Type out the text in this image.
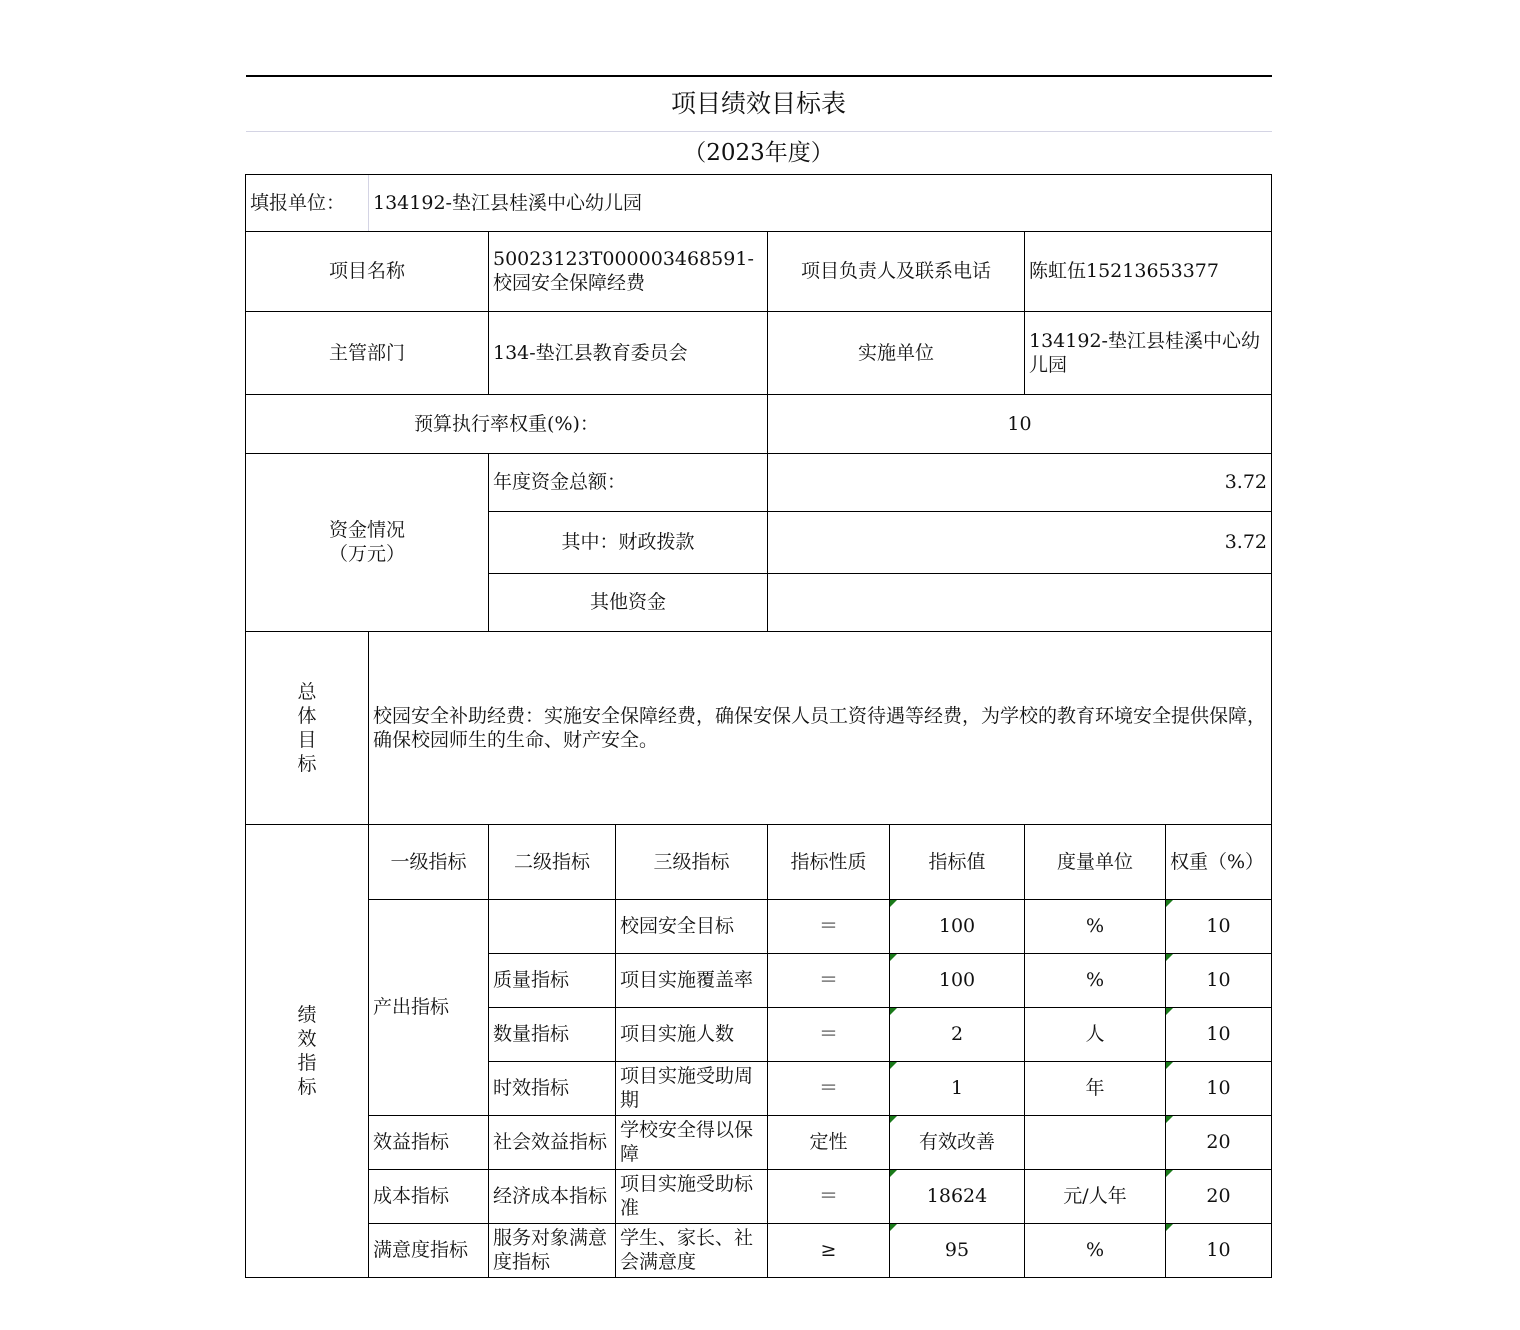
项目绩效目标表							
（2023年度）							
填报单位：	134192-垫江县桂溪中心幼儿园						
项目名称		50023123T000003468591-校园安全保障经费		项目负责人及联系电话		陈虹伍15213653377	
主管部门		134-垫江县教育委员会		实施单位		134192-垫江县桂溪中心幼儿园	
预算执行率权重(%)：				10			

资金情况（万元）		年度资金总额：		3.72			
		其中：财政拨款		3.72			
		其他资金					
总体目标	校园安全补助经费：实施安全保障经费，确保安保人员工资待遇等经费，为学校的教育环境安全提供保障，确保校园师生的生命、财产安全。						
绩效指标	一级指标	二级指标	三级指标	指标性质	指标值	度量单位	权重（%）
	产出指标		校园安全目标	＝	100	%	10
		质量指标	项目实施覆盖率	＝	100	%	10
		数量指标	项目实施人数	＝	2	人	10
		时效指标	项目实施受助周期	＝	1	年	10
	效益指标	社会效益指标	学校安全得以保障	定性	有效改善		20
	成本指标	经济成本指标	项目实施受助标准	＝	18624	元/人年	20
	满意度指标	服务对象满意度指标	学生、家长、社会满意度	≥	95	%	10
